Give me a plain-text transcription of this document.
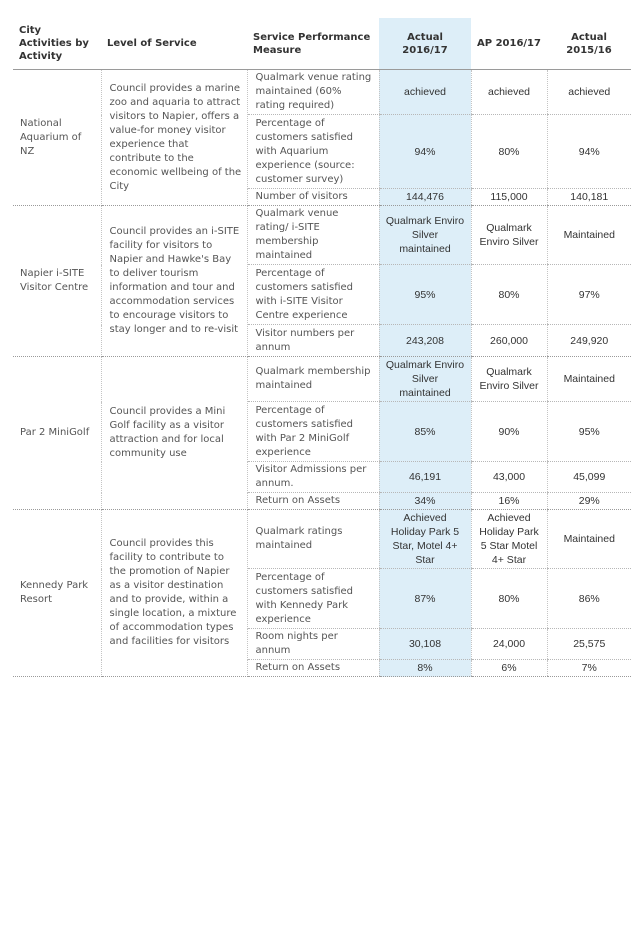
City Activities by Activity	Level of Service	Service Performance Measure	Actual 2016/17	AP 2016/17	Actual 2015/16
National Aquarium of NZ	Council provides a marine zoo and aquaria to attract visitors to Napier, offers a value-for money visitor experience that contribute to the economic wellbeing of the City	Qualmark venue rating maintained (60% rating required)	achieved	achieved	achieved
		Percentage of customers satisfied with Aquarium experience (source: customer survey)	94%	80%	94%
		Number of visitors	144,476	115,000	140,181
Napier i-SITE Visitor Centre	Council provides an i-SITE facility for visitors to Napier and Hawke's Bay to deliver tourism information and tour and accommodation services to encourage visitors to stay longer and to re-visit	Qualmark venue rating/ i-SITE membership maintained	Qualmark Enviro Silver maintained	Qualmark Enviro Silver	Maintained
		Percentage of customers satisfied with i-SITE Visitor Centre experience	95%	80%	97%
		Visitor numbers per annum	243,208	260,000	249,920
Par 2 MiniGolf	Council provides a Mini Golf facility as a visitor attraction and for local community use	Qualmark membership maintained	Qualmark Enviro Silver maintained	Qualmark Enviro Silver	Maintained
		Percentage of customers satisfied with Par 2 MiniGolf experience	85%	90%	95%
		Visitor Admissions per annum.	46,191	43,000	45,099
		Return on Assets	34%	16%	29%
Kennedy Park Resort	Council provides this facility to contribute to the promotion of Napier as a visitor destination and to provide, within a single location, a mixture of accommodation types and facilities for visitors	Qualmark ratings maintained	Achieved Holiday Park 5 Star, Motel 4+ Star	Achieved Holiday Park 5 Star Motel 4+ Star	Maintained
		Percentage of customers satisfied with Kennedy Park experience	87%	80%	86%
		Room nights per annum	30,108	24,000	25,575
		Return on Assets	8%	6%	7%
